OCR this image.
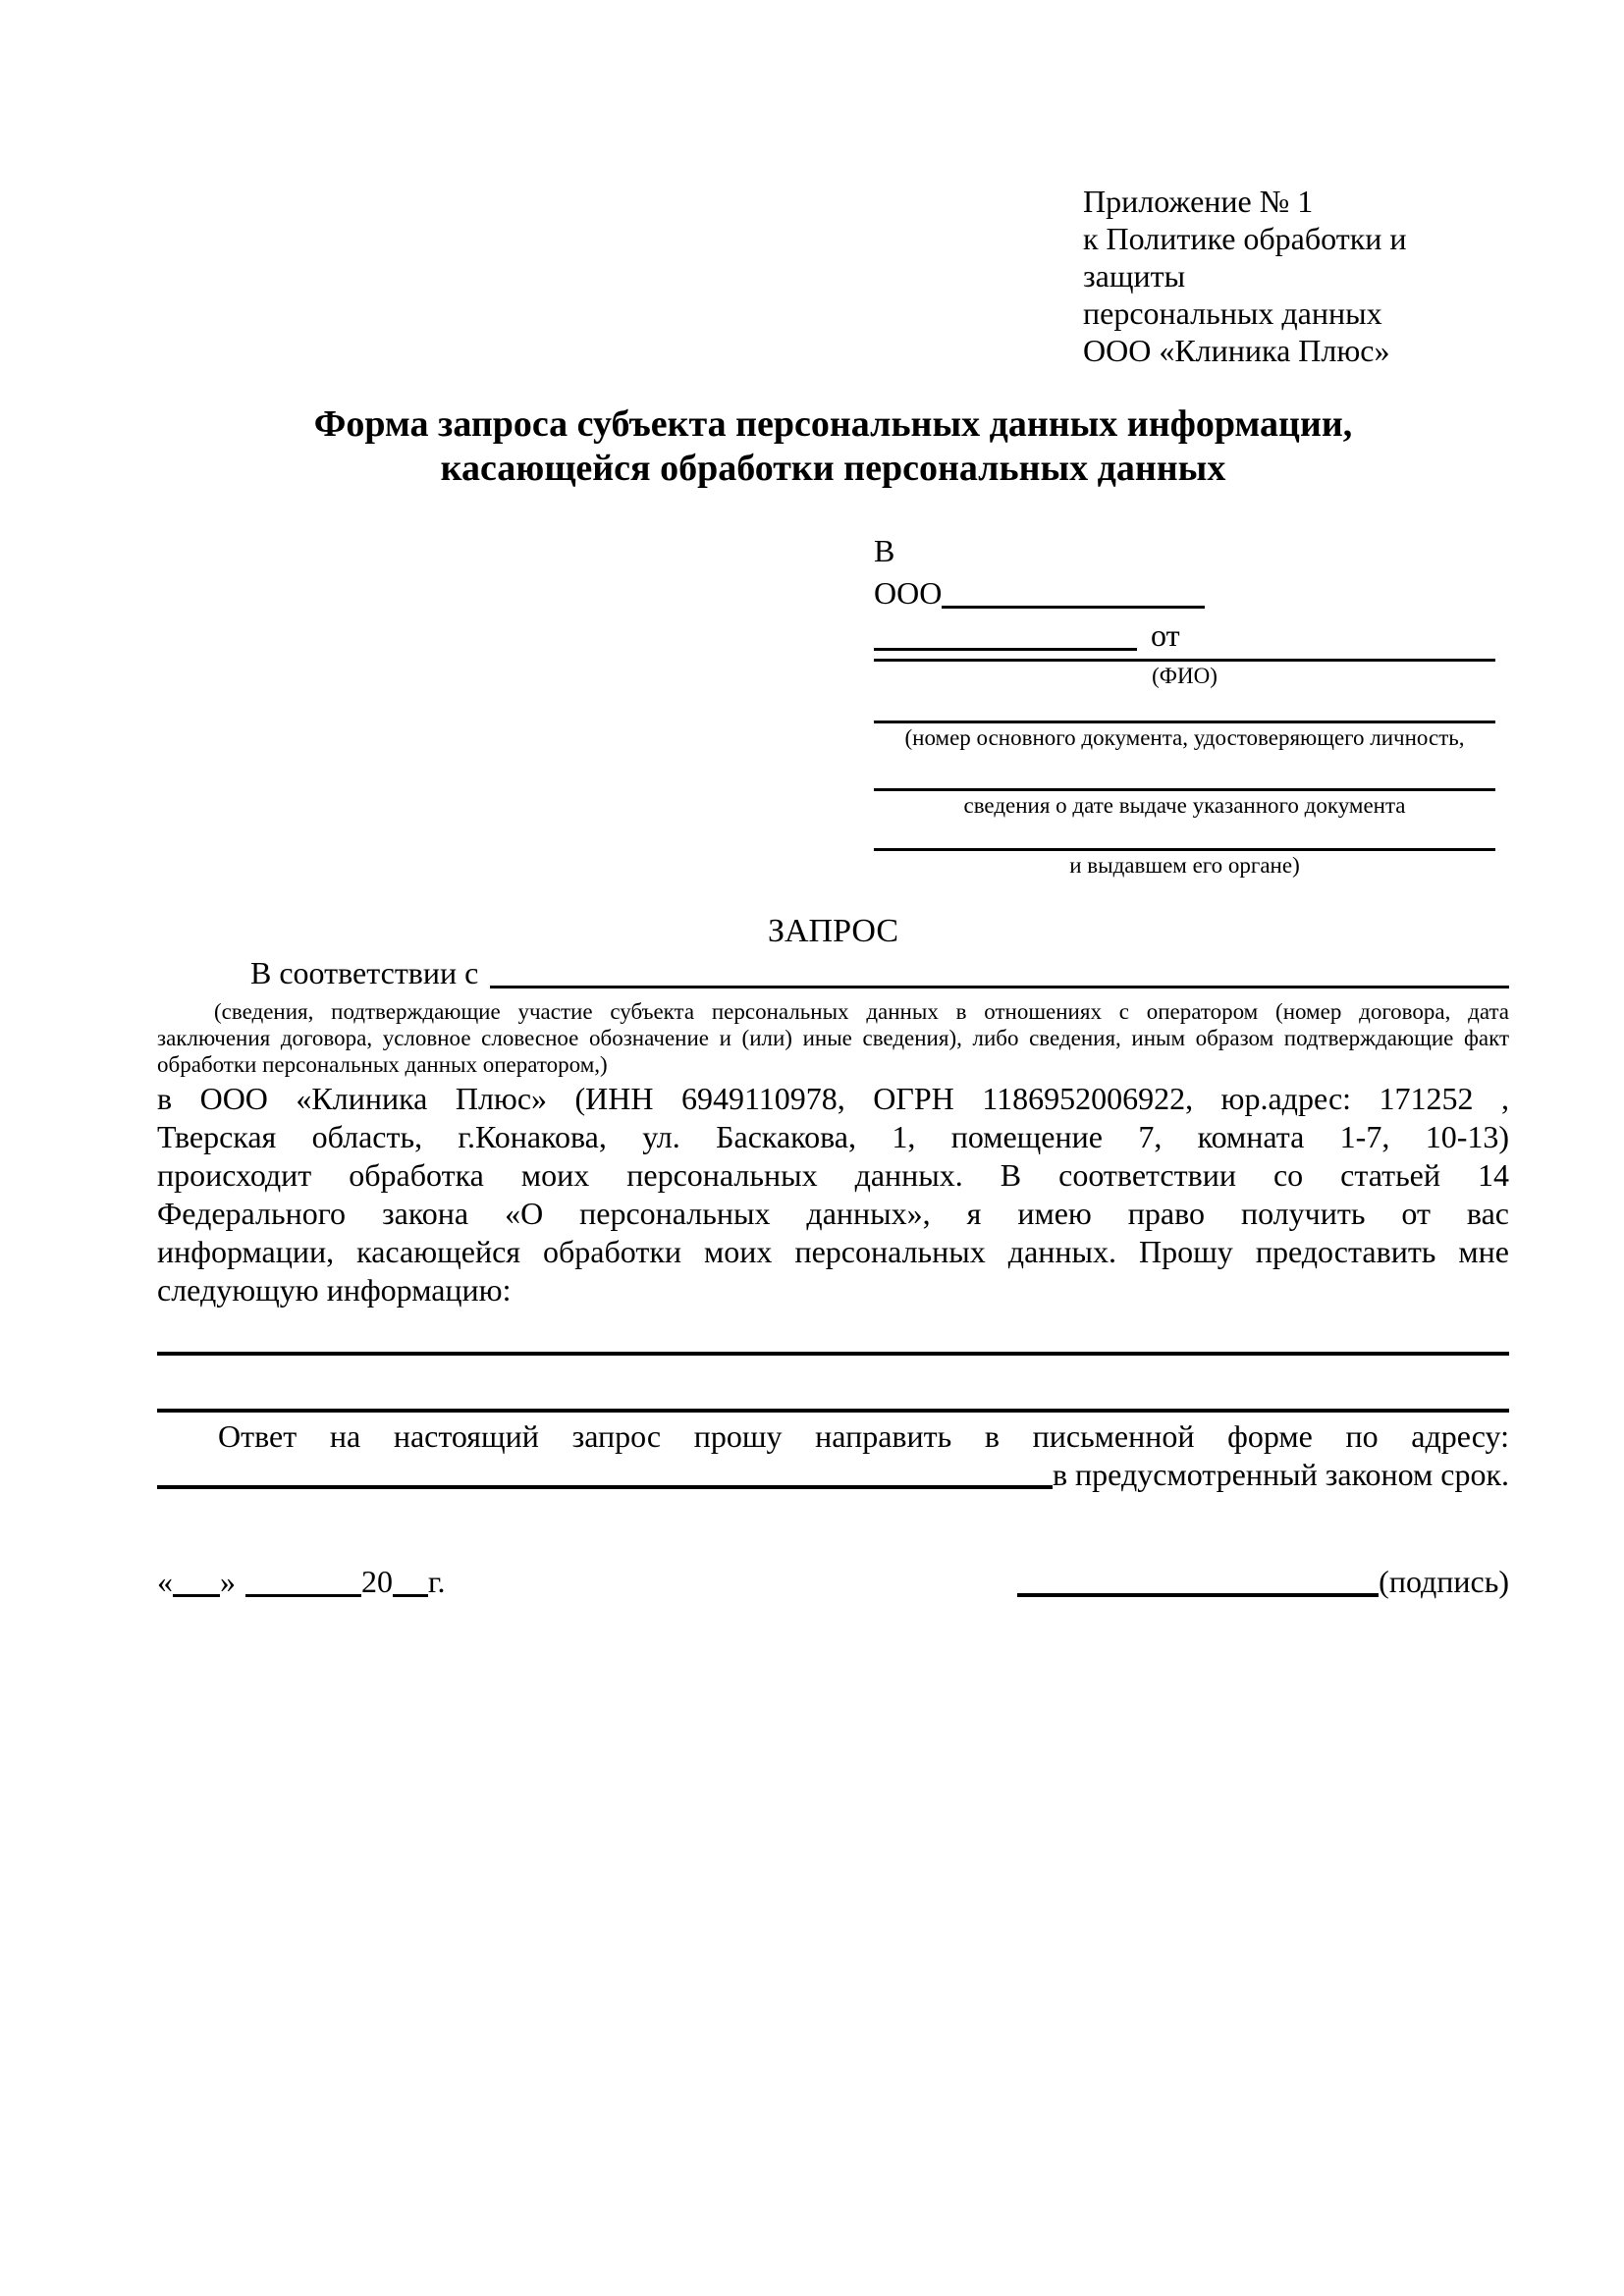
Приложение № 1
к Политике обработки и защиты
персональных данных
ООО «Клиника Плюс»
Форма запроса субъекта персональных данных информации,
касающейся обработки персональных данных
В
ООО
от
(ФИО)
(номер основного документа, удостоверяющего личность,
сведения о дате выдаче указанного документа
и выдавшем его органе)
ЗАПРОС
В соответствии с
(сведения, подтверждающие участие субъекта персональных данных в отношениях с оператором (номер договора, дата
заключения договора, условное словесное обозначение и (или) иные сведения), либо сведения, иным образом подтверждающие факт
обработки персональных данных оператором,)
в ООО «Клиника Плюс» (ИНН 6949110978, ОГРН 1186952006922, юр.адрес: 171252 ,
Тверская область, г.Конакова, ул. Баскакова, 1, помещение 7, комната 1-7, 10-13)
происходит обработка моих персональных данных. В соответствии со статьей 14
Федерального закона «О персональных данных», я имею право получить от вас
информации, касающейся обработки моих персональных данных. Прошу предоставить мне
следующую информацию:
Ответ на настоящий запрос прошу направить в письменной форме по адресу:
в предусмотренный законом срок.
« »	20 г.	(подпись)
